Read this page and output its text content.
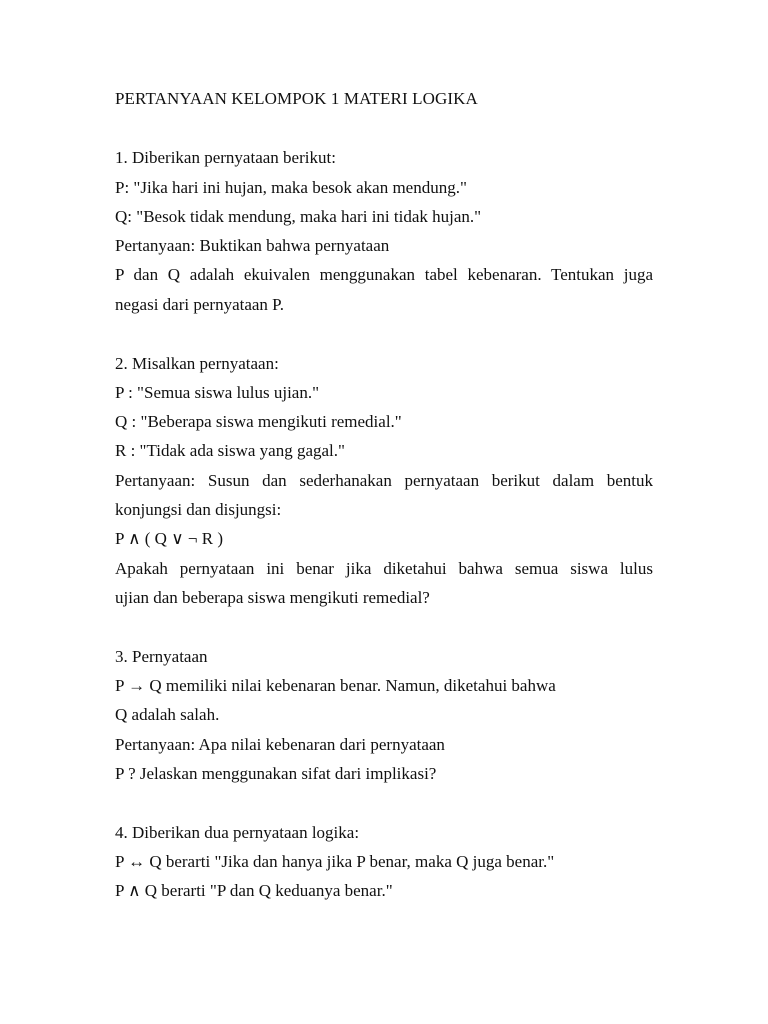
PERTANYAAN KELOMPOK 1 MATERI LOGIKA
1. Diberikan pernyataan berikut:
P: "Jika hari ini hujan, maka besok akan mendung."
Q: "Besok tidak mendung, maka hari ini tidak hujan."
Pertanyaan: Buktikan bahwa pernyataan
P dan Q adalah ekuivalen menggunakan tabel kebenaran. Tentukan juga
negasi dari pernyataan P.
2. Misalkan pernyataan:
P : "Semua siswa lulus ujian."
Q : "Beberapa siswa mengikuti remedial."
R : "Tidak ada siswa yang gagal."
Pertanyaan: Susun dan sederhanakan pernyataan berikut dalam bentuk
konjungsi dan disjungsi:
P ∧ ( Q ∨ ¬ R )
Apakah pernyataan ini benar jika diketahui bahwa semua siswa lulus
ujian dan beberapa siswa mengikuti remedial?
3. Pernyataan
P → Q memiliki nilai kebenaran benar. Namun, diketahui bahwa
Q adalah salah.
Pertanyaan: Apa nilai kebenaran dari pernyataan
P ? Jelaskan menggunakan sifat dari implikasi?
4. Diberikan dua pernyataan logika:
P ↔ Q berarti "Jika dan hanya jika P benar, maka Q juga benar."
P ∧ Q berarti "P dan Q keduanya benar."
